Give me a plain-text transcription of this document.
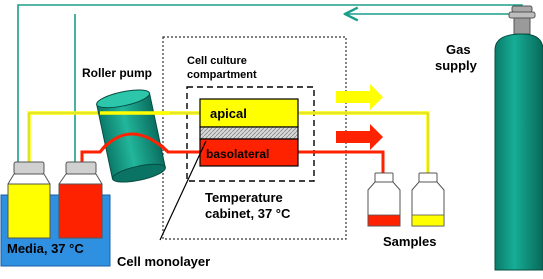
Roller pump
Cell culture
compartment
apical
basolateral
Temperature
cabinet, 37 °C
Media, 37 °C
Cell monolayer
Samples
Gas
supply
